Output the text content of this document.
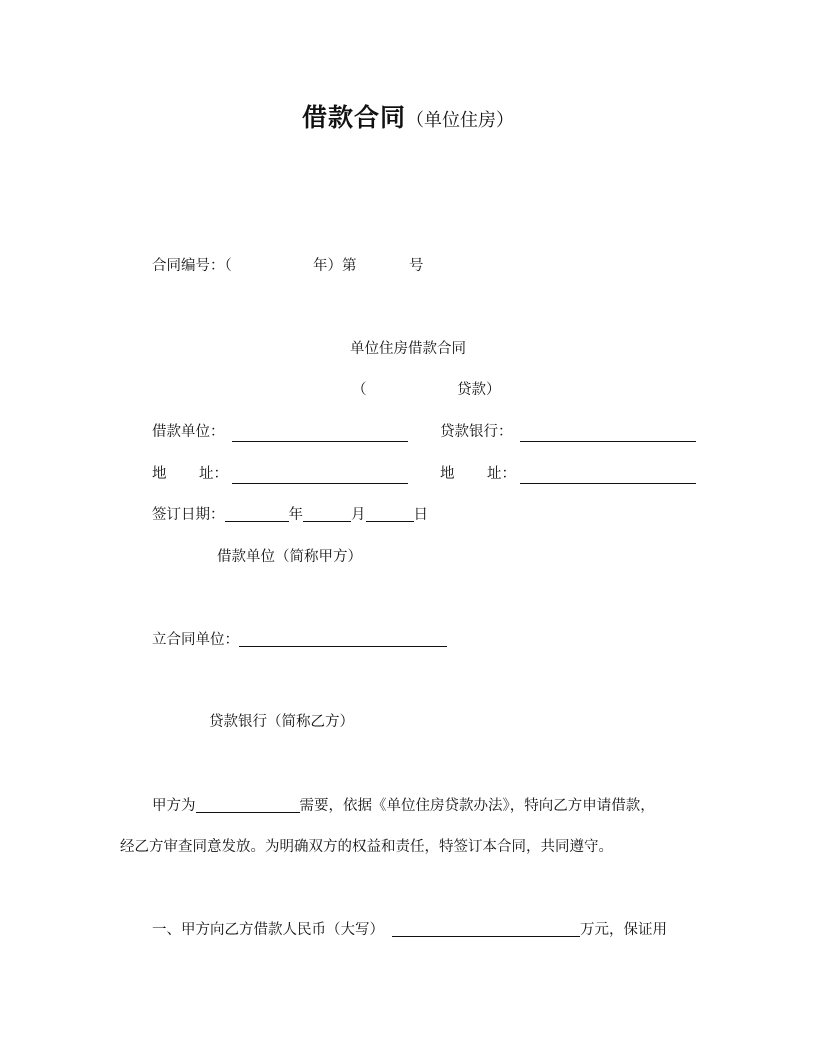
借款合同（单位住房）
合同编号：（	年）第	号
单位住房借款合同
（	贷款）
借款单位：	贷款银行：
地 址：	地 址：
签订日期：	年	月	日
借款单位（简称甲方）
立合同单位：
贷款银行（简称乙方）
甲方为	需要，依据《单位住房贷款办法》，特向乙方申请借款，
经乙方审查同意发放。为明确双方的权益和责任，特签订本合同，共同遵守。
一、甲方向乙方借款人民币（大写）	万元，保证用
